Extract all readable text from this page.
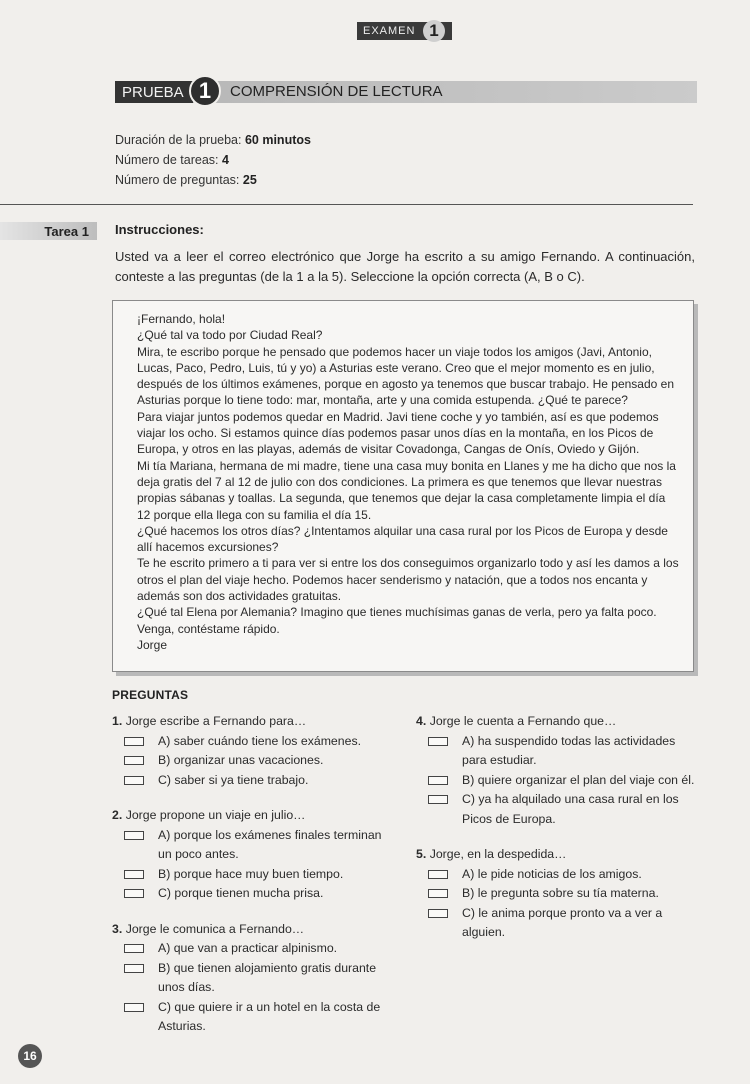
EXAMEN 1
PRUEBA 1	COMPRENSIÓN DE LECTURA
Duración de la prueba: 60 minutos
Número de tareas: 4
Número de preguntas: 25
Tarea 1	Instrucciones:
Usted va a leer el correo electrónico que Jorge ha escrito a su amigo Fernando. A continuación, conteste a las preguntas (de la 1 a la 5). Seleccione la opción correcta (A, B o C).

¡Fernando, hola!

¿Qué tal va todo por Ciudad Real?

Mira, te escribo porque he pensado que podemos hacer un viaje todos los amigos (Javi, Antonio, Lucas, Paco, Pedro, Luis, tú y yo) a Asturias este verano. Creo que el mejor momento es en julio, después de los últimos exámenes, porque en agosto ya tenemos que buscar trabajo. He pensado en Asturias porque lo tiene todo: mar, montaña, arte y una comida estupenda. ¿Qué te parece?

Para viajar juntos podemos quedar en Madrid. Javi tiene coche y yo también, así es que podemos viajar los ocho. Si estamos quince días podemos pasar unos días en la montaña, en los Picos de Europa, y otros en las playas, además de visitar Covadonga, Cangas de Onís, Oviedo y Gijón.

Mi tía Mariana, hermana de mi madre, tiene una casa muy bonita en Llanes y me ha dicho que nos la deja gratis del 7 al 12 de julio con dos condiciones. La primera es que tenemos que llevar nuestras propias sábanas y toallas. La segunda, que tenemos que dejar la casa completamente limpia el día 12 porque ella llega con su familia el día 15.

¿Qué hacemos los otros días? ¿Intentamos alquilar una casa rural por los Picos de Europa y desde allí hacemos excursiones?

Te he escrito primero a ti para ver si entre los dos conseguimos organizarlo todo y así les damos a los otros el plan del viaje hecho. Podemos hacer senderismo y natación, que a todos nos encanta y además son dos actividades gratuitas.

¿Qué tal Elena por Alemania? Imagino que tienes muchísimas ganas de verla, pero ya falta poco.

Venga, contéstame rápido.

Jorge

PREGUNTAS
1. Jorge escribe a Fernando para…
A) saber cuándo tiene los exámenes.
B) organizar unas vacaciones.
C) saber si ya tiene trabajo.
2. Jorge propone un viaje en julio…
A) porque los exámenes finales terminan un poco antes.
B) porque hace muy buen tiempo.
C) porque tienen mucha prisa.
3. Jorge le comunica a Fernando…
A) que van a practicar alpinismo.
B) que tienen alojamiento gratis durante unos días.
C) que quiere ir a un hotel en la costa de Asturias.
4. Jorge le cuenta a Fernando que…
A) ha suspendido todas las actividades para estudiar.
B) quiere organizar el plan del viaje con él.
C) ya ha alquilado una casa rural en los Picos de Europa.
5. Jorge, en la despedida…
A) le pide noticias de los amigos.
B) le pregunta sobre su tía materna.
C) le anima porque pronto va a ver a alguien.
16
